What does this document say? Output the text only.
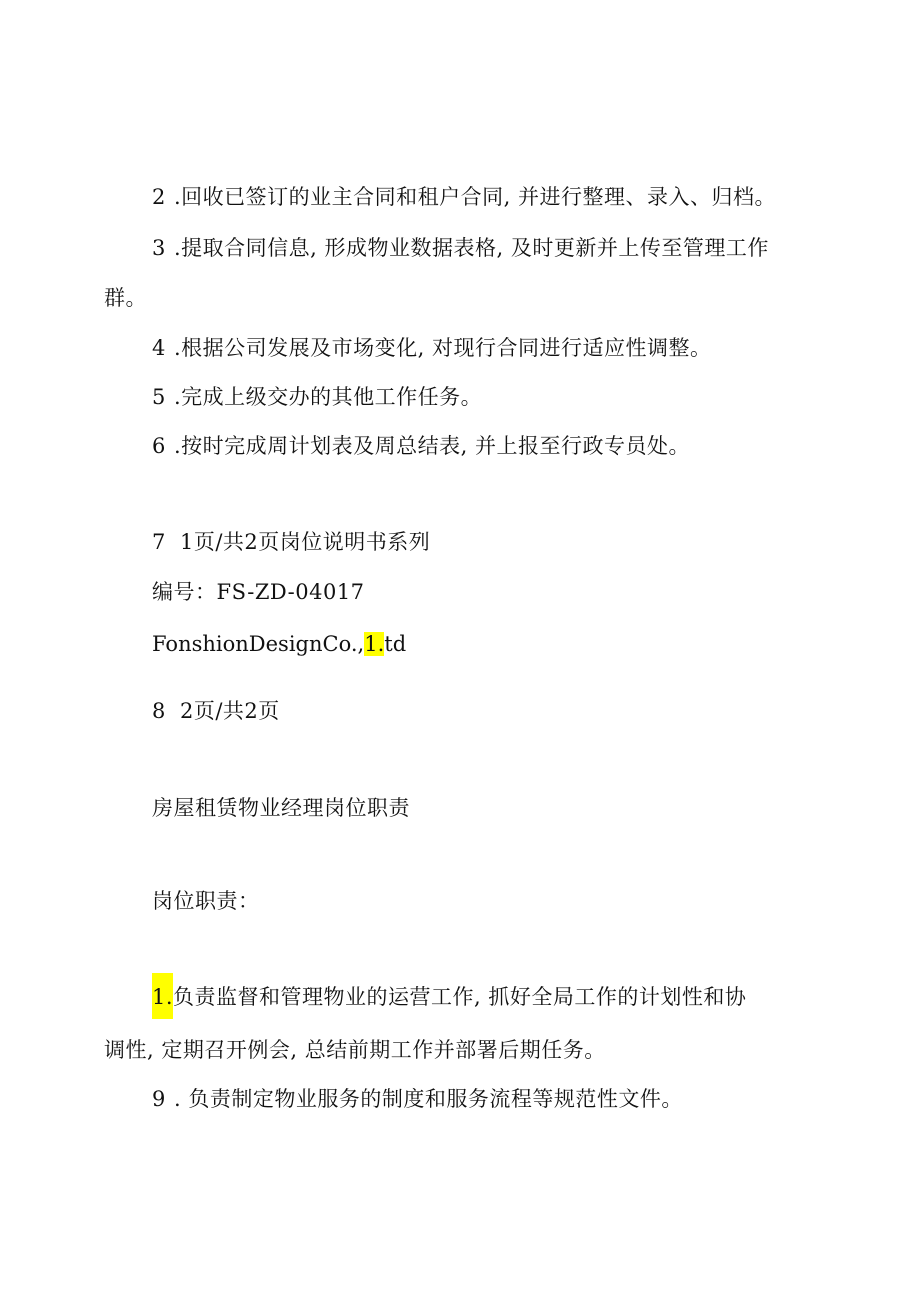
2 .回收已签订的业主合同和租户合同, 并进行整理、录入、归档。
3 .提取合同信息, 形成物业数据表格, 及时更新并上传至管理工作
群。
4 .根据公司发展及市场变化, 对现行合同进行适应性调整。
5 .完成上级交办的其他工作任务。
6 .按时完成周计划表及周总结表, 并上报至行政专员处。
7 1页/共2页岗位说明书系列
编号：FS-ZD-04017
FonshionDesignCo.,1.td
8 2页/共2页
房屋租赁物业经理岗位职责
岗位职责：
1.负责监督和管理物业的运营工作, 抓好全局工作的计划性和协
调性, 定期召开例会, 总结前期工作并部署后期任务。
9 . 负责制定物业服务的制度和服务流程等规范性文件。
